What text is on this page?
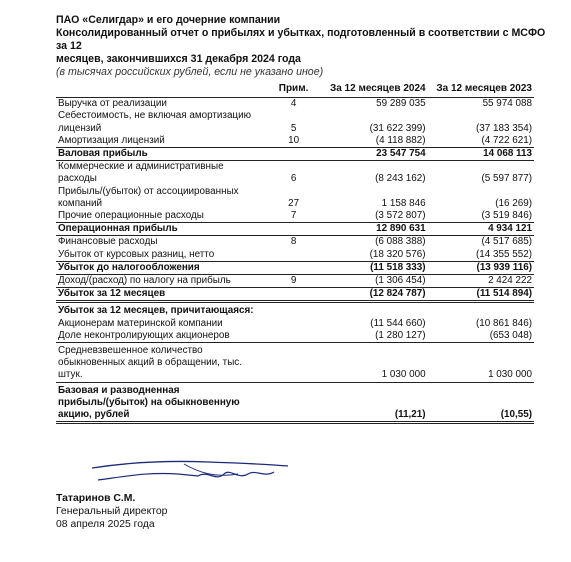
ПАО «Селигдар» и его дочерние компании
Консолидированный отчет о прибылях и убытках, подготовленный в соответствии с МСФО за 12
месяцев, закончившихся 31 декабря 2024 года
(в тысячах российских рублей, если не указано иное)
	Прим.	За 12 месяцев 2024	За 12 месяцев 2023
Выручка от реализации	4	59 289 035	55 974 088
Себестоимость, не включая амортизацию лицензий	5	(31 622 399)	(37 183 354)
Амортизация лицензий	10	(4 118 882)	(4 722 621)
Валовая прибыль		23 547 754	14 068 113
Коммерческие и административные расходы	6	(8 243 162)	(5 597 877)
Прибыль/(убыток) от ассоциированных компаний	27	1 158 846	(16 269)
Прочие операционные расходы	7	(3 572 807)	(3 519 846)
Операционная прибыль		12 890 631	4 934 121
Финансовые расходы	8	(6 088 388)	(4 517 685)
Убыток от курсовых разниц, нетто		(18 320 576)	(14 355 552)
Убыток до налогообложения		(11 518 333)	(13 939 116)
Доход/(расход) по налогу на прибыль	9	(1 306 454)	2 424 222
Убыток за 12 месяцев		(12 824 787)	(11 514 894)
Убыток за 12 месяцев, причитающаяся:			
Акционерам материнской компании		(11 544 660)	(10 861 846)
Доле неконтролирующих акционеров		(1 280 127)	(653 048)
Средневзвешенное количество обыкновенных акций в обращении, тыс. штук.		1 030 000	1 030 000
Базовая и разводненная прибыль/(убыток) на обыкновенную акцию, рублей		(11,21)	(10,55)
Татаринов С.М.
Генеральный директор
08 апреля 2025 года
